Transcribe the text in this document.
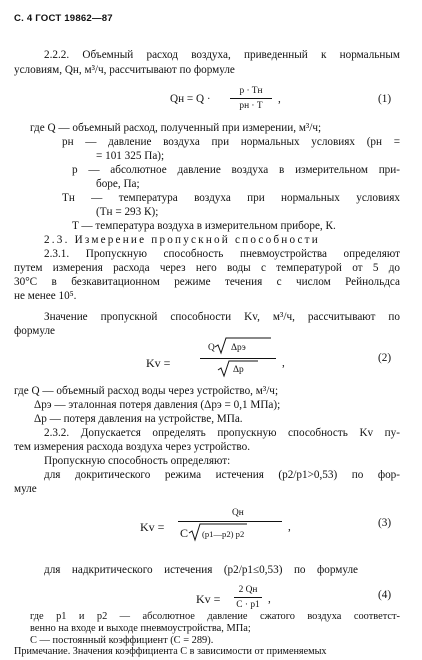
С. 4 ГОСТ 19862—87
2.2.2. Объемный расход воздуха, приведенный к нормальным
условиям, Qн, м³/ч, рассчитывают по формуле
Qн = Q ·
p · Tн
pн · T
,	(1)
где Q — объемный расход, полученный при измерении, м³/ч;
pн — давление воздуха при нормальных условиях (pн =
= 101 325 Па);
p — абсолютное давление воздуха в измерительном при-
боре, Па;
Tн — температура воздуха при нормальных условиях
(Tн = 293 К);
T — температура воздуха в измерительном приборе, К.
2.3. Измерение пропускной способности
2.3.1. Пропускную способность пневмоустройства определяют
путем измерения расхода через него воды с температурой от 5 до
30°С в безкавитационном режиме течения с числом Рейнольдса
не менее 10⁵.
Значение пропускной способности Kv, м³/ч, рассчитывают по
формуле
Kv =
Q Δpэ
Δp
,	(2)
где Q — объемный расход воды через устройство, м³/ч;
Δpэ — эталонная потеря давления (Δpэ = 0,1 МПа);
Δp — потеря давления на устройстве, МПа.
2.3.2. Допускается определять пропускную способность Kv пу-
тем измерения расхода воздуха через устройство.
Пропускную способность определяют:
для докритического режима истечения (p2/p1>0,53) по фор-
муле
Kv =
Qн
C (p1—p2) p2
,	(3)
для надкритического истечения (p2/p1≤0,53) по формуле
Kv =
2 Qн
C · p1
,	(4)
где p1 и p2 — абсолютное давление сжатого воздуха соответст-
венно на входе и выходе пневмоустройства, МПа;
C — постоянный коэффициент (C = 289).
Примечание. Значения коэффициента C в зависимости от применяемых
